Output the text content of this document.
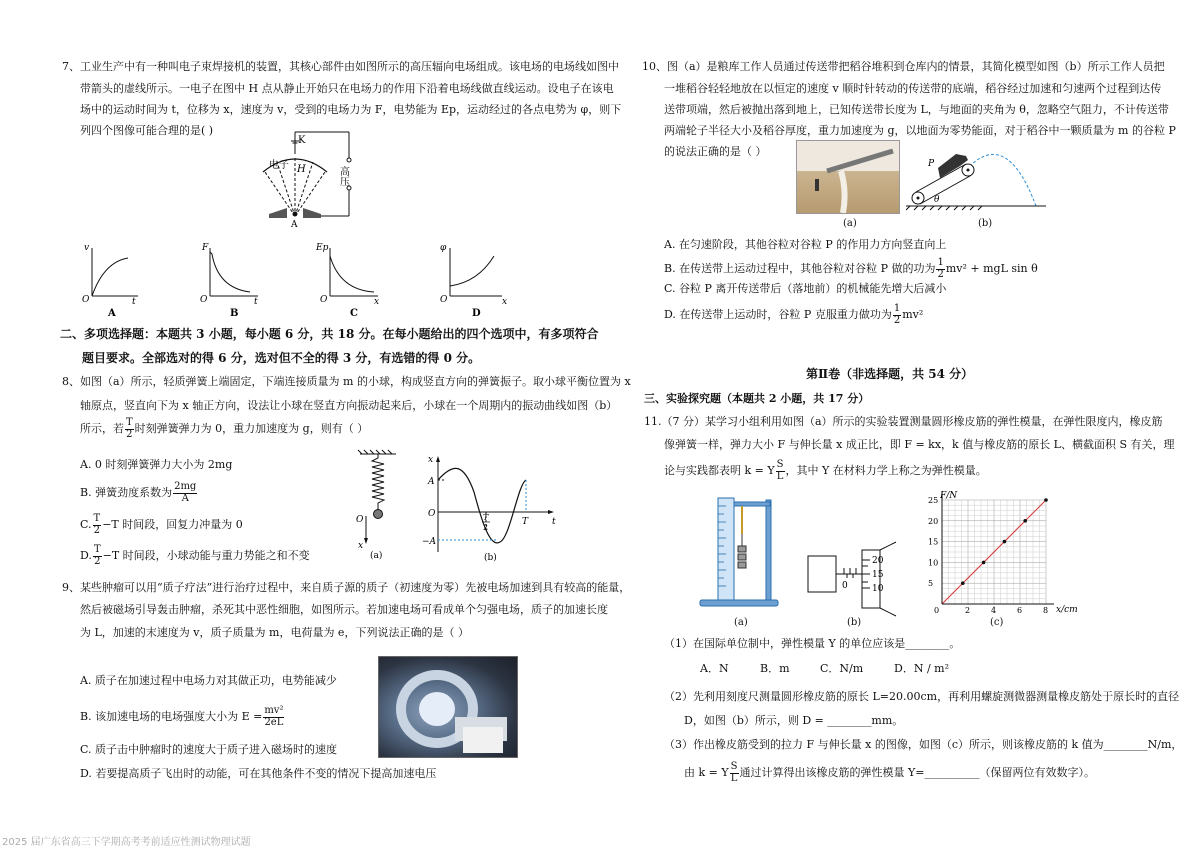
7、工业生产中有一种叫电子束焊接机的装置，其核心部件由如图所示的高压辐向电场组成。该电场的电场线如图中
带箭头的虚线所示。一电子在图中 H 点从静止开始只在电场力的作用下沿着电场线做直线运动。设电子在该电
场中的运动时间为 t，位移为 x，速度为 v，受到的电场力为 F，电势能为 Ep，运动经过的各点电势为 φ，则下
列四个图像可能合理的是( )
K
电子 H	高压
A
v
O	t
A
F
O	t
B
Ep
O	x
C
φ
O	x
D
二、多项选择题：本题共 3 小题，每小题 6 分，共 18 分。在每小题给出的四个选项中，有多项符合
题目要求。全部选对的得 6 分，选对但不全的得 3 分，有选错的得 0 分。
8、如图（a）所示，轻质弹簧上端固定，下端连接质量为 m 的小球，构成竖直方向的弹簧振子。取小球平衡位置为 x
轴原点，竖直向下为 x 轴正方向，设法让小球在竖直方向振动起来后，小球在一个周期内的振动曲线如图（b）
所示，若 $\frac{T}{2}$ 时刻弹簧弹力为 0，重力加速度为 g，则有（ ）
A. 0 时刻弹簧弹力大小为 2mg
B. 弹簧劲度系数为 $\frac{2mg}{A}$
C. $\frac{T}{2} -T$ 时间段，回复力冲量为 0
D. $\frac{T}{2} -T$ 时间段，小球动能与重力势能之和不变
O
x
(a)
x
A
O
−A
t
T
T
2
(b)
9、某些肿瘤可以用“质子疗法”进行治疗过程中，来自质子源的质子（初速度为零）先被电场加速到具有较高的能量，
然后被磁场引导轰击肿瘤，杀死其中恶性细胞，如图所示。若加速电场可看成单个匀强电场，质子的加速长度
为 L，加速的末速度为 v，质子质量为 m，电荷量为 e，下列说法正确的是（ ）
A. 质子在加速过程中电场力对其做正功，电势能减少
B. 该加速电场的电场强度大小为 $E = \frac{\text{mv²}}{2eL}$
C. 质子击中肿瘤时的速度大于质子进入磁场时的速度
D. 若要提高质子飞出时的动能，可在其他条件不变的情况下提高加速电压
10、图（a）是粮库工作人员通过传送带把稻谷堆积到仓库内的情景，其简化模型如图（b）所示工作人员把
一堆稻谷轻轻地放在以恒定的速度 v 顺时针转动的传送带的底端，稻谷经过加速和匀速两个过程到达传
送带项端，然后被抛出落到地上，已知传送带长度为 L，与地面的夹角为 θ，忽略空气阻力，不计传送带
两端轮子半径大小及稻谷厚度，重力加速度为 g，以地面为零势能面，对于稻谷中一颗质量为 m 的谷粒 P
的说法正确的是（ ）
(a)
P
θ
(b)
A. 在匀速阶段，其他谷粒对谷粒 P 的作用力方向竖直向上
B. 在传送带上运动过程中，其他谷粒对谷粒 P 做的功为 $\frac{1}{2} mv^2$ + mgL sin θ
C. 谷粒 P 离开传送带后（落地前）的机械能先增大后减小
D. 在传送带上运动时，谷粒 P 克服重力做功为 $\frac{1}{2} mv^2$
第Ⅱ卷（非选择题，共 54 分）
三、实验探究题（本题共 2 小题，共 17 分）
11.（7 分）某学习小组利用如图（a）所示的实验装置测量圆形橡皮筋的弹性模量，在弹性限度内，橡皮筋
像弹簧一样，弹力大小 F 与伸长量 x 成正比，即 F = kx，k 值与橡皮筋的原长 L、横截面积 S 有关，理
论与实践都表明 k = Y $\frac{S}{L}$ ，其中 Y 在材料力学上称之为弹性模量。
(a)
20
15
10
0
(b)
2	4	6	8
5
10
15
20
25 F/N
x/cm
0
(c)
（1）在国际单位制中，弹性模量 Y 的单位应该是________。
A．N	B．m	C．N/m	D．N / m²
（2）先利用刻度尺测量圆形橡皮筋的原长 L=20.00cm，再利用螺旋测微器测量橡皮筋处于原长时的直径
D，如图（b）所示，则 D = ________mm。
（3）作出橡皮筋受到的拉力 F 与伸长量 x 的图像，如图（c）所示，则该橡皮筋的 k 值为________N/m，
由 k = Y $\frac{S}{L}$ 通过计算得出该橡皮筋的弹性模量 Y=__________（保留两位有效数字）。
2025 届广东省高三下学期高考考前适应性测试物理试题
